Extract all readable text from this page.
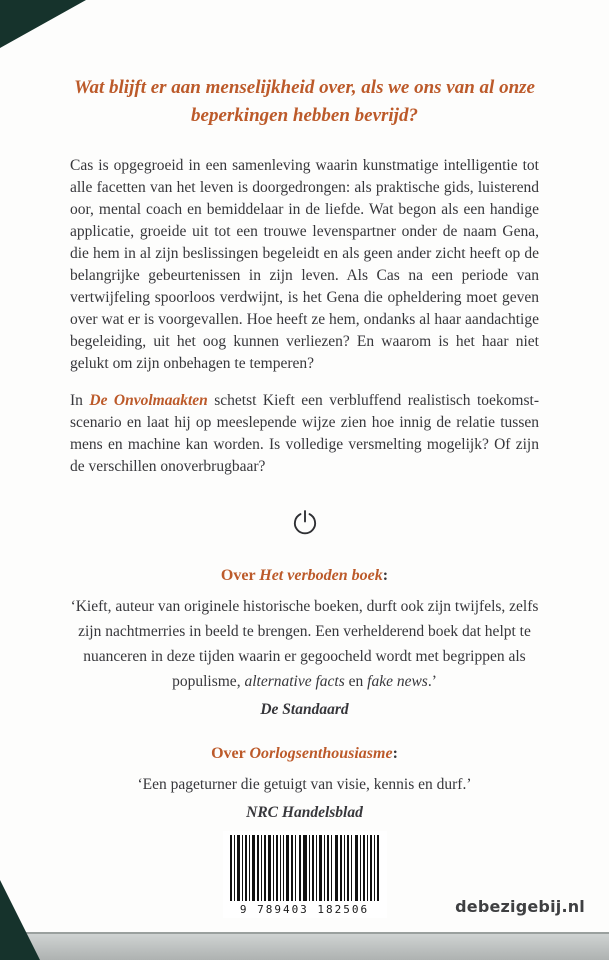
Wat blijft er aan menselijkheid over, als we ons van al onze beperkingen hebben bevrijd?

Cas is opgegroeid in een samenleving waarin kunstmatige intelligentie tot alle facetten van het leven is doorgedrongen: als praktische gids, luisterend oor, mental coach en bemiddelaar in de liefde. Wat begon als een handige applicatie, groeide uit tot een trouwe levenspartner onder de naam Gena, die hem in al zijn beslissingen begeleidt en als geen ander zicht heeft op de belangrijke gebeurtenissen in zijn leven. Als Cas na een periode van vertwijfeling spoorloos verdwijnt, is het Gena die opheldering moet geven over wat er is voorgevallen. Hoe heeft ze hem, ondanks al haar aandachtige begeleiding, uit het oog kunnen verliezen? En waarom is het haar niet gelukt om zijn onbehagen te temperen?

In De Onvolmaakten schetst Kieft een verbluffend realistisch toekomst-scenario en laat hij op meeslepende wijze zien hoe innig de relatie tussen mens en machine kan worden. Is volledige versmelting mogelijk? Of zijn de verschillen onoverbrugbaar?

Over Het verboden boek:

‘Kieft, auteur van originele historische boeken, durft ook zijn twijfels, zelfs zijn nachtmerries in beeld te brengen. Een verhelderend boek dat helpt te nuanceren in deze tijden waarin er gegoocheld wordt met begrippen als populisme, alternative facts en fake news.’

De Standaard

Over Oorlogsenthousiasme:

‘Een pageturner die getuigt van visie, kennis en durf.’

NRC Handelsblad

9 789403 182506	debezigebij.nl
